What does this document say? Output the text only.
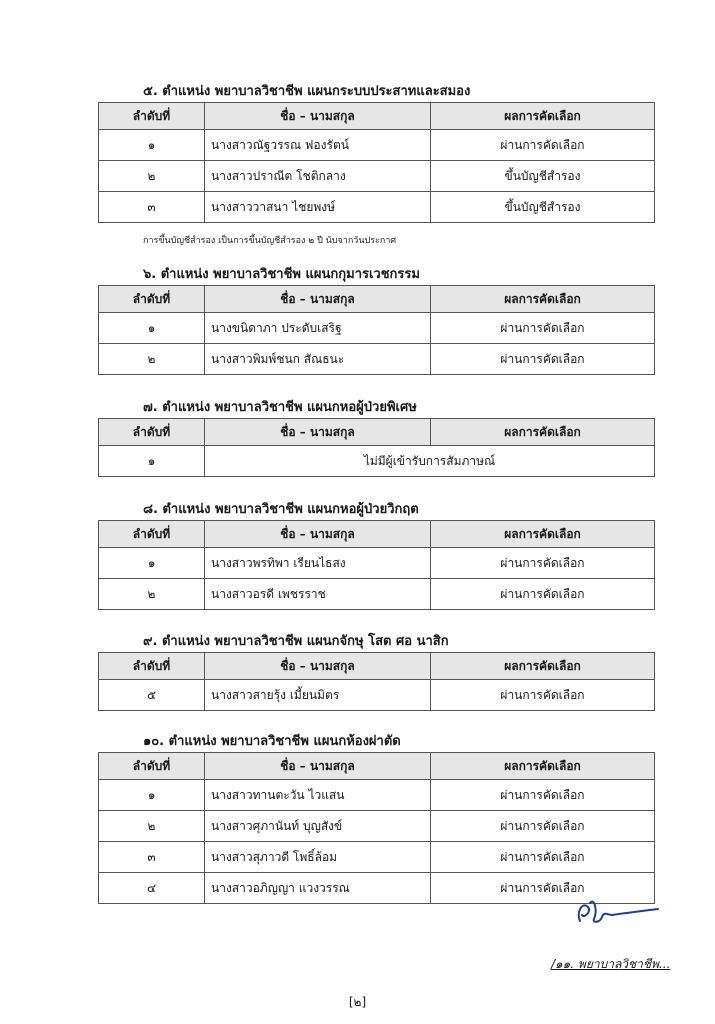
๕. ตำแหน่ง พยาบาลวิชาชีพ แผนกระบบประสาทและสมอง
ลำดับที่	ชื่อ – นามสกุล	ผลการคัดเลือก
๑	นางสาวณัฐวรรณ ฟองรัตน์	ผ่านการคัดเลือก
๒	นางสาวปราณีต โชติกลาง	ขึ้นบัญชีสำรอง
๓	นางสาววาสนา ไชยพงษ์	ขึ้นบัญชีสำรอง
การขึ้นบัญชีสำรอง เป็นการขึ้นบัญชีสำรอง ๒ ปี นับจากวันประกาศ
๖. ตำแหน่ง พยาบาลวิชาชีพ แผนกกุมารเวชกรรม
ลำดับที่	ชื่อ – นามสกุล	ผลการคัดเลือก
๑	นางขนิดาภา ประดับเสริฐ	ผ่านการคัดเลือก
๒	นางสาวพิมพ์ชนก สัณธนะ	ผ่านการคัดเลือก
๗. ตำแหน่ง พยาบาลวิชาชีพ แผนกหอผู้ป่วยพิเศษ
ลำดับที่	ชื่อ – นามสกุล	ผลการคัดเลือก
๑	ไม่มีผู้เข้ารับการสัมภาษณ์	
๘. ตำแหน่ง พยาบาลวิชาชีพ แผนกหอผู้ป่วยวิกฤต
ลำดับที่	ชื่อ – นามสกุล	ผลการคัดเลือก
๑	นางสาวพรทิพา เรียนไธสง	ผ่านการคัดเลือก
๒	นางสาวอรดี เพชรราช	ผ่านการคัดเลือก
๙. ตำแหน่ง พยาบาลวิชาชีพ แผนกจักษุ โสต ศอ นาสิก
ลำดับที่	ชื่อ – นามสกุล	ผลการคัดเลือก
๕	นางสาวสายรุ้ง เมี้ยนมิตร	ผ่านการคัดเลือก
๑๐. ตำแหน่ง พยาบาลวิชาชีพ แผนกห้องผ่าตัด
ลำดับที่	ชื่อ – นามสกุล	ผลการคัดเลือก
๑	นางสาวทานตะวัน ไวแสน	ผ่านการคัดเลือก
๒	นางสาวศุภานันท์ บุญสังข์	ผ่านการคัดเลือก
๓	นางสาวสุภาวดี โพธิ์ล้อม	ผ่านการคัดเลือก
๔	นางสาวอภิญญา แวงวรรณ	ผ่านการคัดเลือก
/๑๑. พยาบาลวิชาชีพ...
[๒]
